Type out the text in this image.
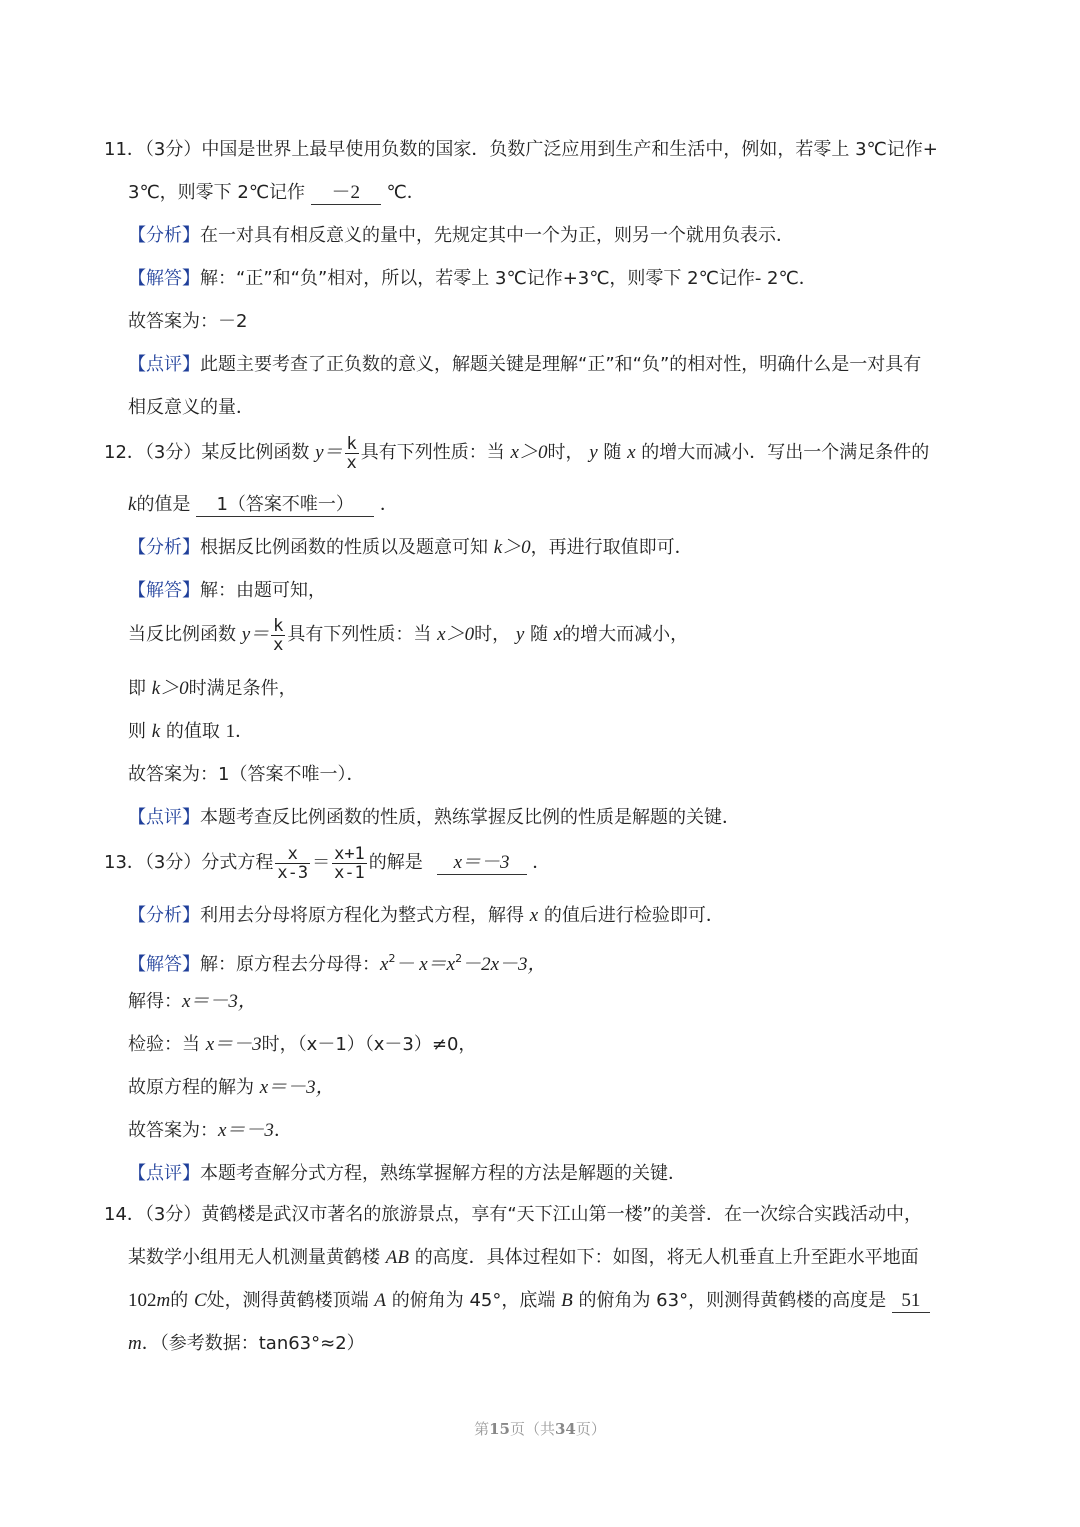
11．（3分）中国是世界上最早使用负数的国家．负数广泛应用到生产和生活中，例如，若零上 3℃记作+
3℃，则零下 2℃记作 －2 ℃．
【分析】在一对具有相反意义的量中，先规定其中一个为正，则另一个就用负表示．
【解答】解：“正”和“负”相对，所以，若零上 3℃记作+3℃，则零下 2℃记作- 2℃．
故答案为：－2
【点评】此题主要考查了正负数的意义，解题关键是理解“正”和“负”的相对性，明确什么是一对具有
相反意义的量．
12．（3分）某反比例函数 $y= \frac{k}{x}$ 具有下列性质：当 x＞0时， y 随 x 的增大而减小．写出一个满足条件的
k的值是 1（答案不唯一） ．
【分析】根据反比例函数的性质以及题意可知 k＞0，再进行取值即可．
【解答】解：由题可知，
当反比例函数 $y= \frac{k}{x}$ 具有下列性质：当 x＞0时， y 随 x的增大而减小，
即 k＞0时满足条件，
则 k 的值取 1．
故答案为：1（答案不唯一）．
【点评】本题考查反比例函数的性质，熟练掌握反比例的性质是解题的关键．
13．（3分）分式方程 $\frac{x}{x-3} = \frac{x+1}{x-1}$ 的解是 x＝－3 ．
【分析】利用去分母将原方程化为整式方程，解得 x 的值后进行检验即可．
【解答】解：原方程去分母得：$x^2- x=x^2-2x-3$，
解得：x＝－3，
检验：当 x＝－3时，（x－1）（x－3）≠0，
故原方程的解为 x＝－3，
故答案为：x＝－3．
【点评】本题考查解分式方程，熟练掌握解方程的方法是解题的关键．
14．（3分）黄鹤楼是武汉市著名的旅游景点，享有“天下江山第一楼”的美誉．在一次综合实践活动中，
某数学小组用无人机测量黄鹤楼 AB 的高度．具体过程如下：如图，将无人机垂直上升至距水平地面
102m的 C处，测得黄鹤楼顶端 A 的俯角为 45°，底端 B 的俯角为 63°，则测得黄鹤楼的高度是 51
m．（参考数据：tan63°≈2）
第15页（共34页）
